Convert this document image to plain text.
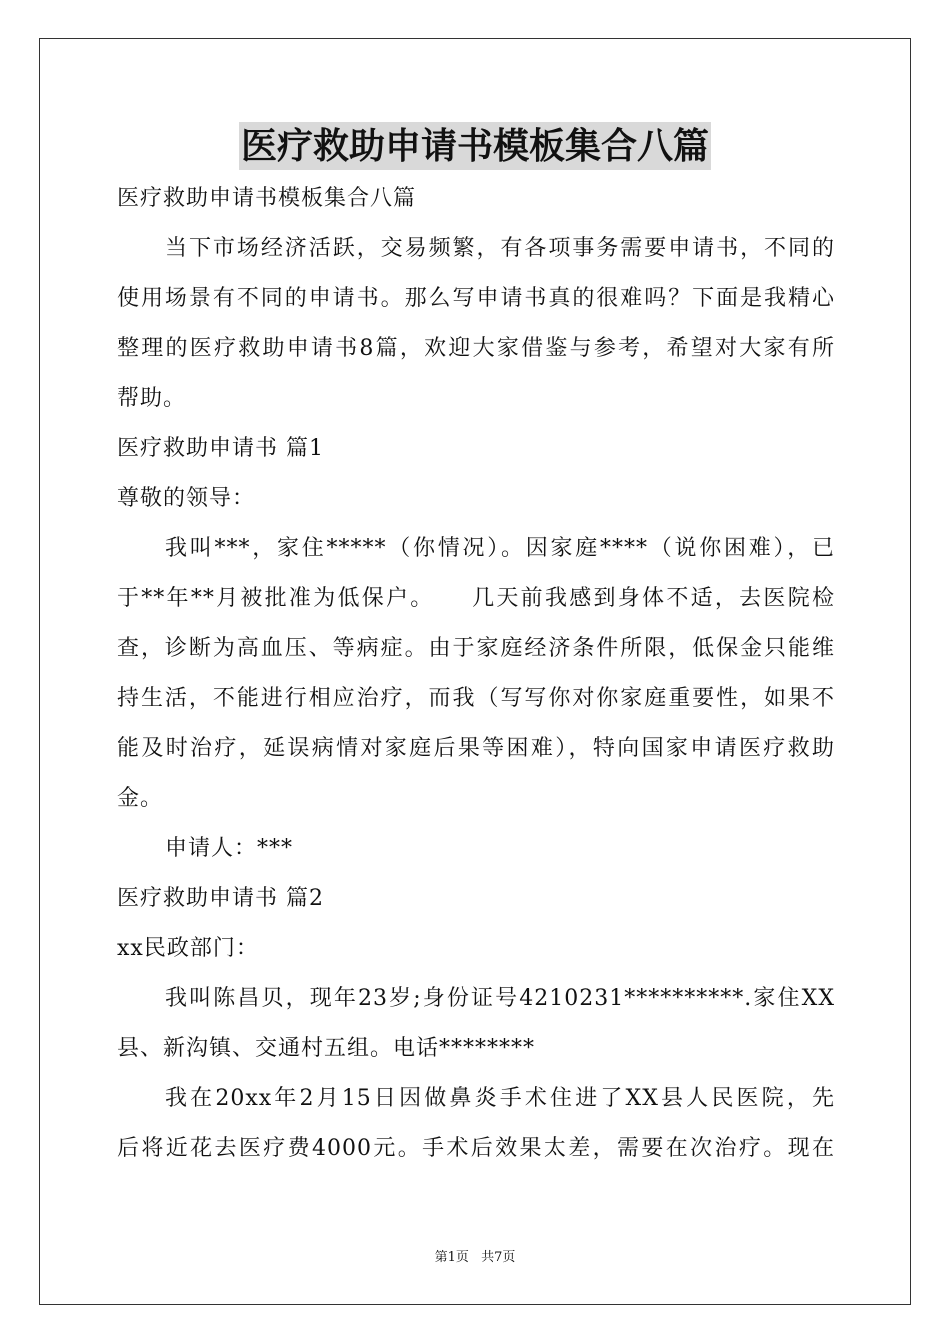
医疗救助申请书模板集合八篇
医疗救助申请书模板集合八篇
当下市场经济活跃，交易频繁，有各项事务需要申请书，不同的
使用场景有不同的申请书。那么写申请书真的很难吗？下面是我精心
整理的医疗救助申请书8篇，欢迎大家借鉴与参考，希望对大家有所
帮助。
医疗救助申请书 篇1
尊敬的领导：
我叫***，家住*****（你情况）。因家庭****（说你困难），已
于**年**月被批准为低保户。　　几天前我感到身体不适，去医院检
查，诊断为高血压、等病症。由于家庭经济条件所限，低保金只能维
持生活，不能进行相应治疗，而我（写写你对你家庭重要性，如果不
能及时治疗，延误病情对家庭后果等困难），特向国家申请医疗救助
金。
申请人：***
医疗救助申请书 篇2
xx民政部门：
我叫陈昌贝，现年23岁;身份证号4210231**********.家住XX
县、新沟镇、交通村五组。电话********
我在20xx年2月15日因做鼻炎手术住进了XX县人民医院，先
后将近花去医疗费4000元。手术后效果太差，需要在次治疗。现在
第1页 共7页
